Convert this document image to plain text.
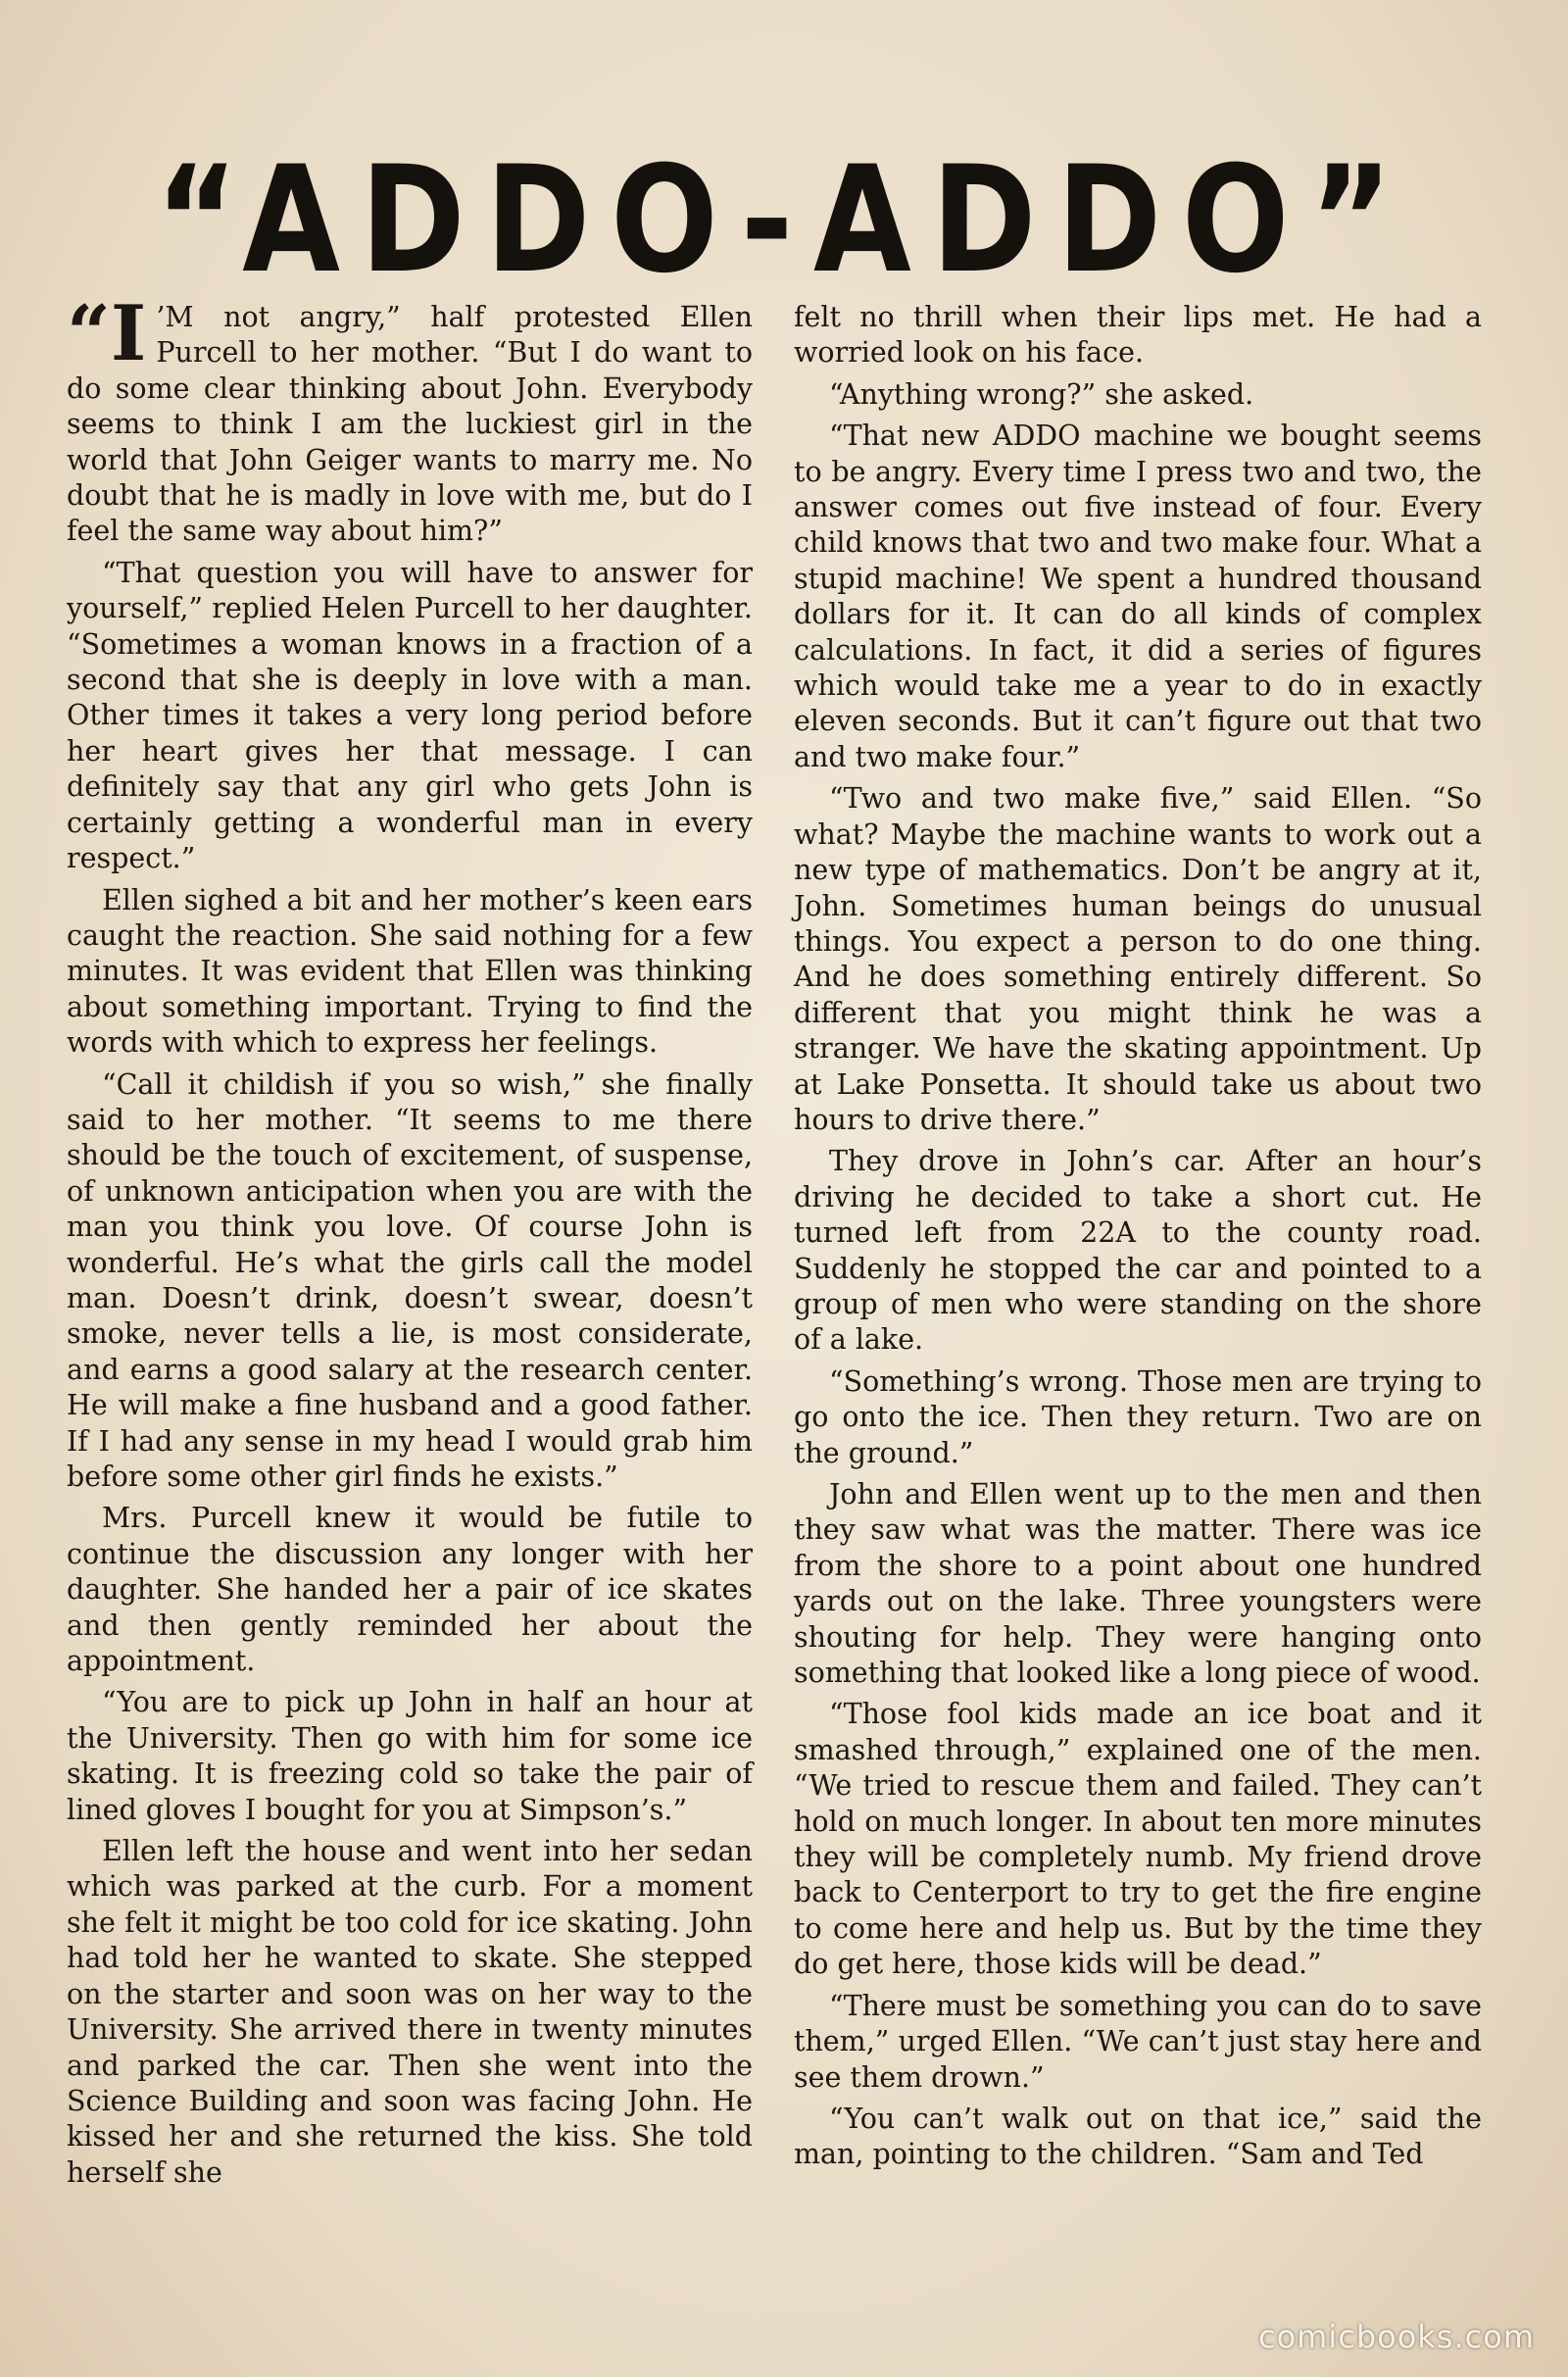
“ADDO-ADDO”

“I ’M not angry,” half protested Ellen Purcell to her mother. “But I do want to do some clear thinking about John. Everybody seems to think I am the luckiest girl in the world that John Geiger wants to marry me. No doubt that he is madly in love with me, but do I feel the same way about him?”

“That question you will have to answer for yourself,” replied Helen Purcell to her daughter. “Sometimes a woman knows in a fraction of a second that she is deeply in love with a man. Other times it takes a very long period before her heart gives her that message. I can definitely say that any girl who gets John is certainly getting a wonderful man in every respect.”

Ellen sighed a bit and her mother’s keen ears caught the reaction. She said nothing for a few minutes. It was evident that Ellen was thinking about something important. Trying to find the words with which to express her feelings.

“Call it childish if you so wish,” she finally said to her mother. “It seems to me there should be the touch of excitement, of suspense, of unknown anticipation when you are with the man you think you love. Of course John is wonderful. He’s what the girls call the model man. Doesn’t drink, doesn’t swear, doesn’t smoke, never tells a lie, is most considerate, and earns a good salary at the research center. He will make a fine husband and a good father. If I had any sense in my head I would grab him before some other girl finds he exists.”

Mrs. Purcell knew it would be futile to continue the discussion any longer with her daughter. She handed her a pair of ice skates and then gently reminded her about the appointment.

“You are to pick up John in half an hour at the University. Then go with him for some ice skating. It is freezing cold so take the pair of lined gloves I bought for you at Simpson’s.”

Ellen left the house and went into her sedan which was parked at the curb. For a moment she felt it might be too cold for ice skating. John had told her he wanted to skate. She stepped on the starter and soon was on her way to the University. She arrived there in twenty minutes and parked the car. Then she went into the Science Building and soon was facing John. He kissed her and she returned the kiss. She told herself she

felt no thrill when their lips met. He had a worried look on his face.

“Anything wrong?” she asked.

“That new ADDO machine we bought seems to be angry. Every time I press two and two, the answer comes out five instead of four. Every child knows that two and two make four. What a stupid machine! We spent a hundred thousand dollars for it. It can do all kinds of complex calculations. In fact, it did a series of figures which would take me a year to do in exactly eleven seconds. But it can’t figure out that two and two make four.”

“Two and two make five,” said Ellen. “So what? Maybe the machine wants to work out a new type of mathematics. Don’t be angry at it, John. Sometimes human beings do unusual things. You expect a person to do one thing. And he does something entirely different. So different that you might think he was a stranger. We have the skating appointment. Up at Lake Ponsetta. It should take us about two hours to drive there.”

They drove in John’s car. After an hour’s driving he decided to take a short cut. He turned left from 22A to the county road. Suddenly he stopped the car and pointed to a group of men who were standing on the shore of a lake.

“Something’s wrong. Those men are trying to go onto the ice. Then they return. Two are on the ground.”

John and Ellen went up to the men and then they saw what was the matter. There was ice from the shore to a point about one hundred yards out on the lake. Three youngsters were shouting for help. They were hanging onto something that looked like a long piece of wood.

“Those fool kids made an ice boat and it smashed through,” explained one of the men. “We tried to rescue them and failed. They can’t hold on much longer. In about ten more minutes they will be completely numb. My friend drove back to Centerport to try to get the fire engine to come here and help us. But by the time they do get here, those kids will be dead.”

“There must be something you can do to save them,” urged Ellen. “We can’t just stay here and see them drown.”

“You can’t walk out on that ice,” said the man, pointing to the children. “Sam and Ted

comicbooks.com
